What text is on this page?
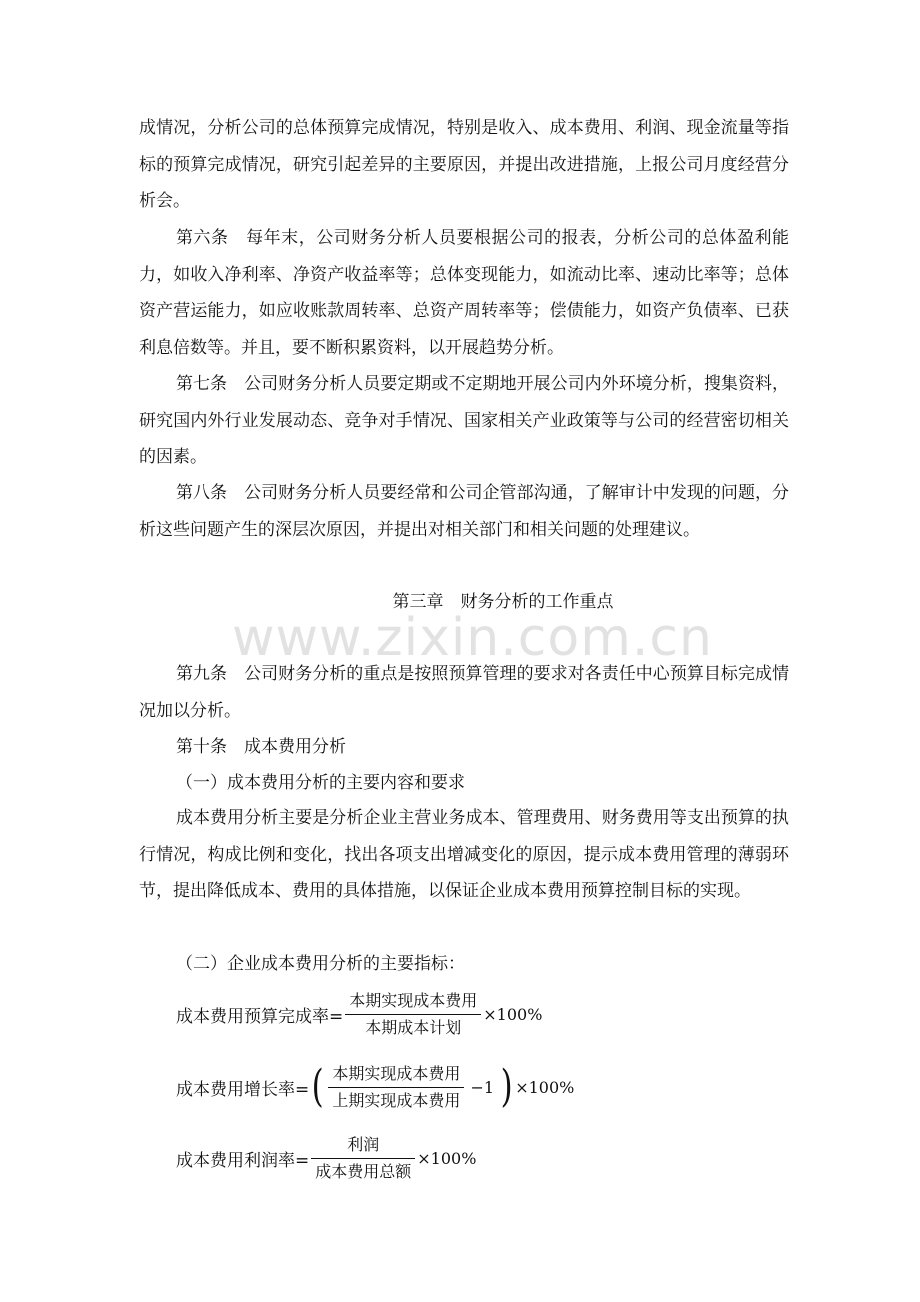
成情况，分析公司的总体预算完成情况，特别是收入、成本费用、利润、现金流量等指标的预算完成情况，研究引起差异的主要原因，并提出改进措施，上报公司月度经营分析会。

第六条　每年末，公司财务分析人员要根据公司的报表，分析公司的总体盈利能力，如收入净利率、净资产收益率等；总体变现能力，如流动比率、速动比率等；总体资产营运能力，如应收账款周转率、总资产周转率等；偿债能力，如资产负债率、已获利息倍数等。并且，要不断积累资料，以开展趋势分析。

第七条　公司财务分析人员要定期或不定期地开展公司内外环境分析，搜集资料，研究国内外行业发展动态、竞争对手情况、国家相关产业政策等与公司的经营密切相关的因素。

第八条　公司财务分析人员要经常和公司企管部沟通，了解审计中发现的问题，分析这些问题产生的深层次原因，并提出对相关部门和相关问题的处理建议。

第三章　财务分析的工作重点
www.zixin.com.cn

第九条　公司财务分析的重点是按照预算管理的要求对各责任中心预算目标完成情况加以分析。

第十条　成本费用分析

（一）成本费用分析的主要内容和要求

成本费用分析主要是分析企业主营业务成本、管理费用、财务费用等支出预算的执行情况，构成比例和变化，找出各项支出增减变化的原因，提示成本费用管理的薄弱环节，提出降低成本、费用的具体措施，以保证企业成本费用预算控制目标的实现。

（二）企业成本费用分析的主要指标：

成本费用预算完成率= $\frac{\text{本期实现成本费用}}{\text{本期成本计划}} \times 100\%$
成本费用增长率= ( $\frac{\text{本期实现成本费用}}{\text{上期实现成本费用}} -1$ ) ×100%
成本费用利润率= $\frac{\text{利润}}{\text{成本费用总额}} \times 100\%$
